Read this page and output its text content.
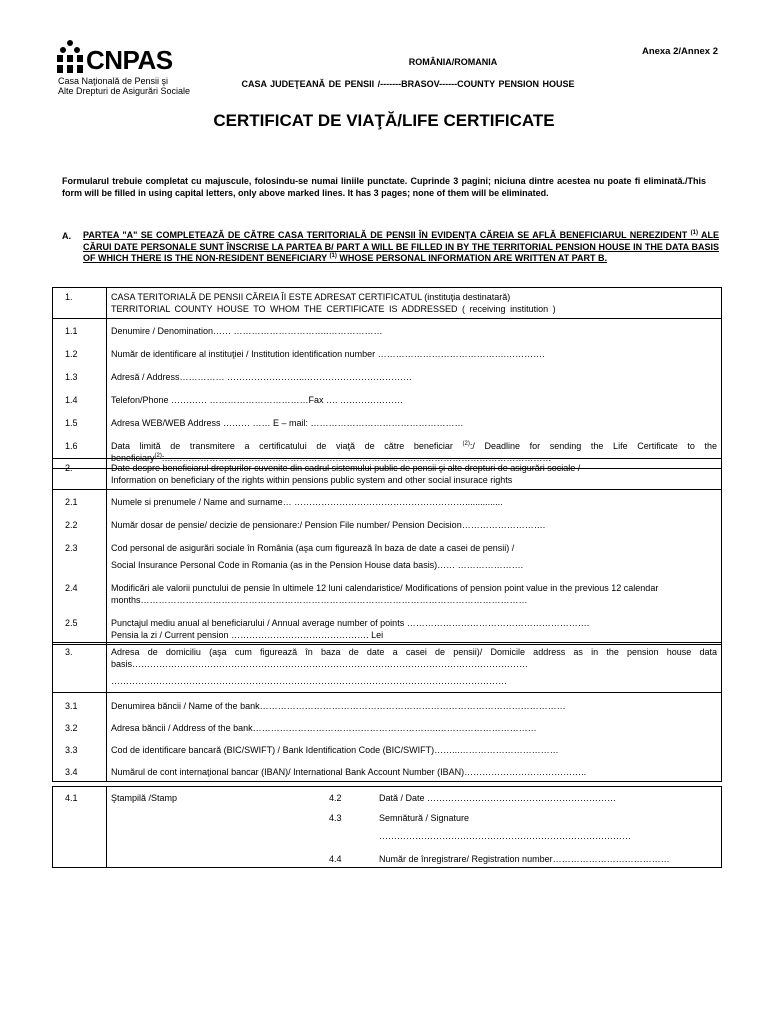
CNPAS
Casa Naţională de Pensii şi
Alte Drepturi de Asigurări Sociale
Anexa 2/Annex 2
ROMÂNIA/ROMANIA
CASA JUDEŢEANĂ DE PENSII /-------BRASOV------COUNTY PENSION HOUSE
CERTIFICAT DE VIAŢĂ/LIFE CERTIFICATE
Formularul trebuie completat cu majuscule, folosindu-se numai liniile punctate. Cuprinde 3 pagini; niciuna dintre acestea nu poate fi eliminată./This form will be filled in using capital letters, only above marked lines. It has 3 pages; none of them will be eliminated.
A. PARTEA "A" SE COMPLETEAZĂ DE CĂTRE CASA TERITORIALĂ DE PENSII ÎN EVIDENŢA CĂREIA SE AFLĂ BENEFICIARUL NEREZIDENT $^{(1)}$ ALE CĂRUI DATE PERSONALE SUNT ÎNSCRISE LA PARTEA B/ PART A WILL BE FILLED IN BY THE TERRITORIAL PENSION HOUSE IN THE DATA BASIS OF WHICH THERE IS THE NON-RESIDENT BENEFICIARY $^{(1)}$ WHOSE PERSONAL INFORMATION ARE WRITTEN AT PART B.
1.	CASA TERITORIALĂ DE PENSII CĂREIA ÎI ESTE ADRESAT CERTIFICATUL (instituţia destinatară)
TERRITORIAL COUNTY HOUSE TO WHOM THE CERTIFICATE IS ADDRESSED ( receiving institution )

1.1	Denumire / Denomination…… …………………………..………………
1.2	Număr de identificare al instituţiei / Institution identification number …………………………………….………….
1.3	Adresă / Address…………… ……………………..………………………………
1.4	Telefon/Phone ………… ……………………………Fax …. …………………
1.5	Adresa WEB/WEB Address ……… …… E – mail: ……………………………………………
1.6	Data limită de transmitere a certificatului de viaţă de către beneficiar $^{(2)}$:/ Deadline for sending the Life Certificate to the beneficiary$^{(2)}$:…………………………………………………………………………………………………………………
2.	Date despre beneficiarul drepturilor cuvenite din cadrul sistemului public de pensii şi alte drepturi de asigurări sociale /
Information on beneficiary of the rights within pensions public system and other social insurace rights

2.1	Numele si prenumele / Name and surname… …………………………………………………...............
2.2	Număr dosar de pensie/ decizie de pensionare:/ Pension File number/ Pension Decision……………………….
2.3	Cod personal de asigurări sociale în România (aşa cum figurează în baza de date a casei de pensii) /
Social Insurance Personal Code in Romania (as in the Pension House data basis)…… ………………….

2.4	Modificări ale valorii punctului de pensie în ultimele 12 luni calendaristice/ Modifications of pension point value in the previous 12 calendar months…………………………………………………………………………………………………………………
2.5	Punctajul mediu anual al beneficiarului / Annual average number of points …………………………………………………….
Pensia la zi / Current pension ………………………………………. Lei
3.	Adresa de domiciliu (aşa cum figurează în baza de date a casei de pensii)/ Domicile address as in the pension house data basis……………………………………………………………………………………………………………………
	……………………………………………………………………………………………………………………
3.1	Denumirea băncii / Name of the bank…………………………………………………………………………………………
3.2	Adresa băncii / Address of the bank……………………………………………………..……………………………
3.3	Cod de identificare bancară (BIC/SWIFT) / Bank Identification Code (BIC/SWIFT)……...……………………………
3.4	Numărul de cont internaţional bancar (IBAN)/ International Bank Account Number (IBAN)…………………………………..
4.1	Ştampilă /Stamp	4.2	Dată / Date ………………………………………………………
		4.3	Semnătură / Signature
…………………………………………………………………………

		4.4	Număr de înregistrare/ Registration number…………………………………
